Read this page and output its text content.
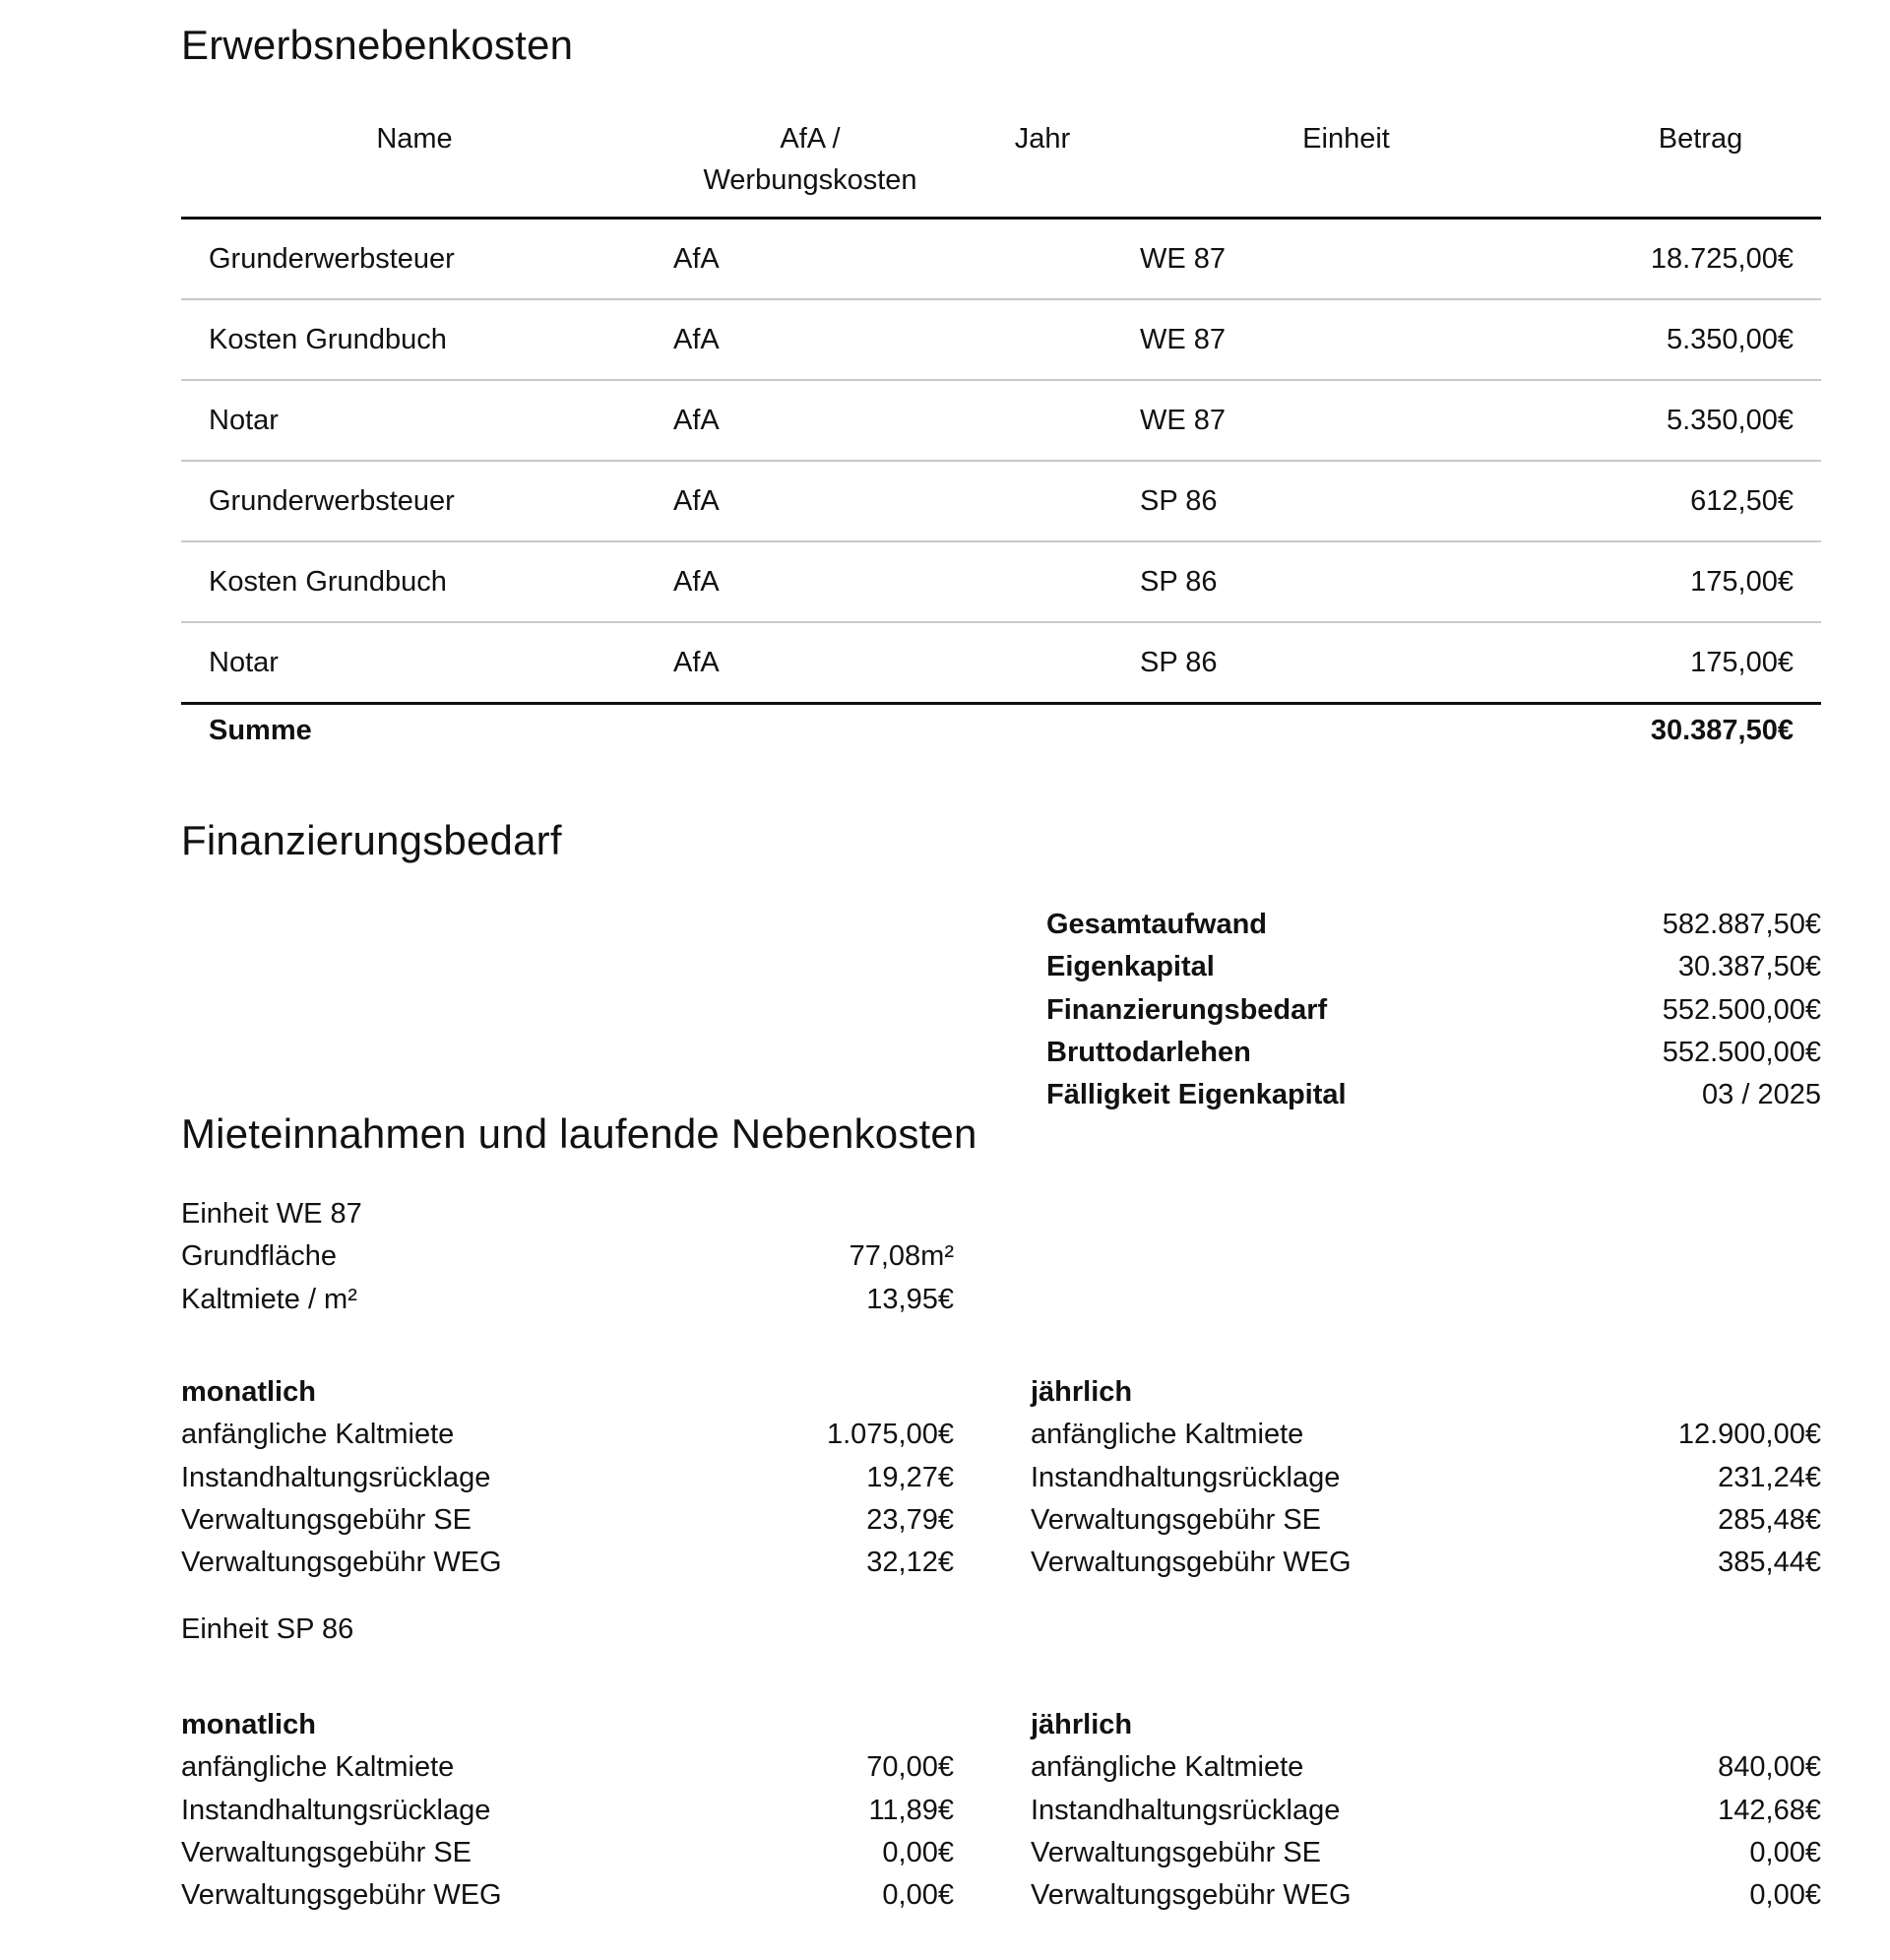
Erwerbsnebenkosten
Name	AfA /
Werbungskosten	Jahr	Einheit	Betrag
Grunderwerbsteuer	AfA		WE 87	18.725,00€
Kosten Grundbuch	AfA		WE 87	5.350,00€
Notar	AfA		WE 87	5.350,00€
Grunderwerbsteuer	AfA		SP 86	612,50€
Kosten Grundbuch	AfA		SP 86	175,00€
Notar	AfA		SP 86	175,00€
Summe	30.387,50€
Finanzierungsbedarf
Gesamtaufwand	582.887,50€
Eigenkapital	30.387,50€
Finanzierungsbedarf	552.500,00€
Bruttodarlehen	552.500,00€
Fälligkeit Eigenkapital	03 / 2025
Mieteinnahmen und laufende Nebenkosten
Einheit WE 87
Grundfläche	77,08m²
Kaltmiete / m²	13,95€
monatlich
anfängliche Kaltmiete	1.075,00€
Instandhaltungsrücklage	19,27€
Verwaltungsgebühr SE	23,79€
Verwaltungsgebühr WEG	32,12€
jährlich
anfängliche Kaltmiete	12.900,00€
Instandhaltungsrücklage	231,24€
Verwaltungsgebühr SE	285,48€
Verwaltungsgebühr WEG	385,44€
Einheit SP 86
monatlich
anfängliche Kaltmiete	70,00€
Instandhaltungsrücklage	11,89€
Verwaltungsgebühr SE	0,00€
Verwaltungsgebühr WEG	0,00€
jährlich
anfängliche Kaltmiete	840,00€
Instandhaltungsrücklage	142,68€
Verwaltungsgebühr SE	0,00€
Verwaltungsgebühr WEG	0,00€
